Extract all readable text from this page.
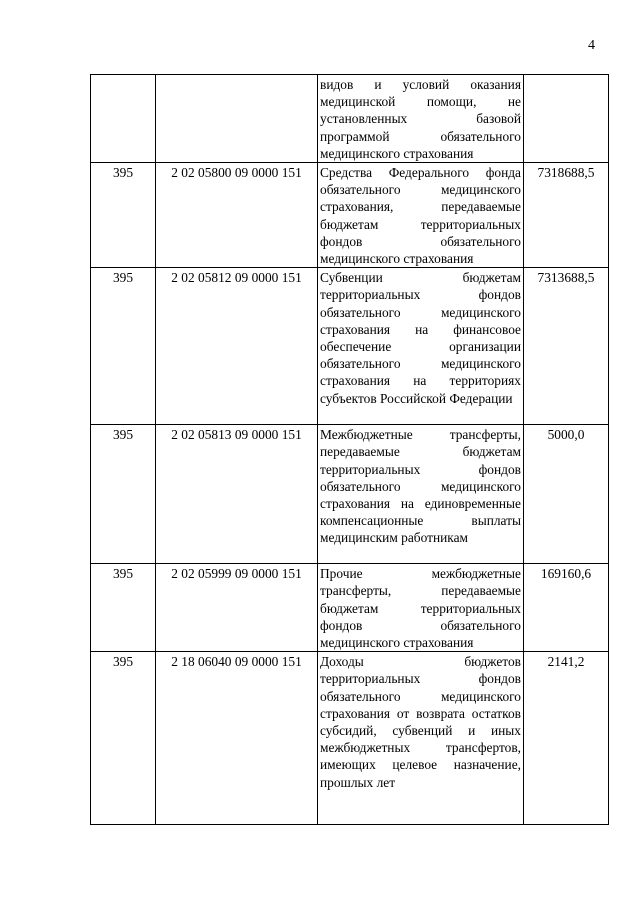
4
		видов и условий оказания медицинской помощи, не установленных базовой программой обязательного медицинского страхования	
395	2 02 05800 09 0000 151	Средства Федерального фонда обязательного медицинского страхования, передаваемые бюджетам территориальных фондов обязательного медицинского страхования	7318688,5
395	2 02 05812 09 0000 151	Субвенции бюджетам территориальных фондов обязательного медицинского страхования на финансовое обеспечение организации обязательного медицинского страхования на территориях субъектов Российской Федерации	7313688,5
395	2 02 05813 09 0000 151	Межбюджетные трансферты, передаваемые бюджетам территориальных фондов обязательного медицинского страхования на единовременные компенсационные выплаты медицинским работникам	5000,0
395	2 02 05999 09 0000 151	Прочие межбюджетные трансферты, передаваемые бюджетам территориальных фондов обязательного медицинского страхования	169160,6
395	2 18 06040 09 0000 151	Доходы бюджетов территориальных фондов обязательного медицинского страхования от возврата остатков субсидий, субвенций и иных межбюджетных трансфертов, имеющих целевое назначение, прошлых лет	2141,2
